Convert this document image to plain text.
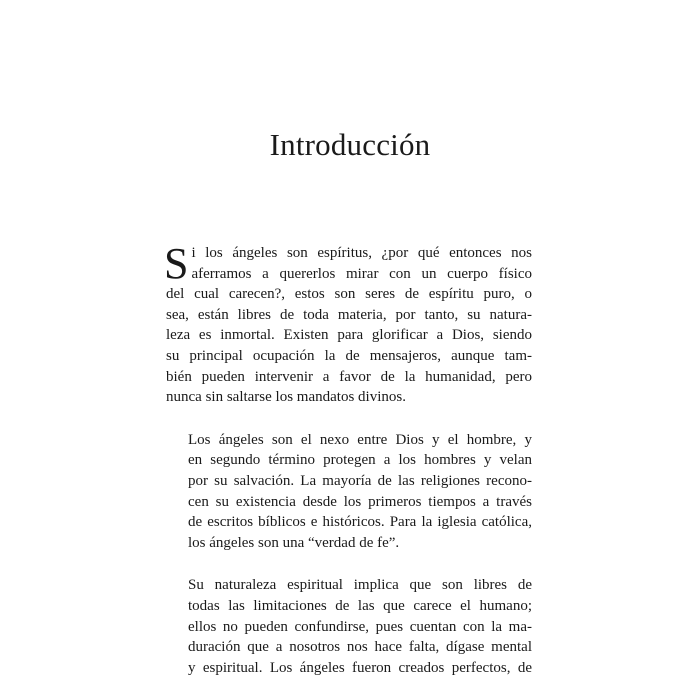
Introducción
S i los ángeles son espíritus, ¿por qué entonces nos
aferramos a quererlos mirar con un cuerpo físico
del cual carecen?, estos son seres de espíritu puro, o
sea, están libres de toda materia, por tanto, su natura-
leza es inmortal. Existen para glorificar a Dios, siendo
su principal ocupación la de mensajeros, aunque tam-
bién pueden intervenir a favor de la humanidad, pero
nunca sin saltarse los mandatos divinos.
Los ángeles son el nexo entre Dios y el hombre, y
en segundo término protegen a los hombres y velan
por su salvación. La mayoría de las religiones recono-
cen su existencia desde los primeros tiempos a través
de escritos bíblicos e históricos. Para la iglesia católica,
los ángeles son una “verdad de fe”.
Su naturaleza espiritual implica que son libres de
todas las limitaciones de las que carece el humano;
ellos no pueden confundirse, pues cuentan con la ma-
duración que a nosotros nos hace falta, dígase mental
y espiritual. Los ángeles fueron creados perfectos, de
